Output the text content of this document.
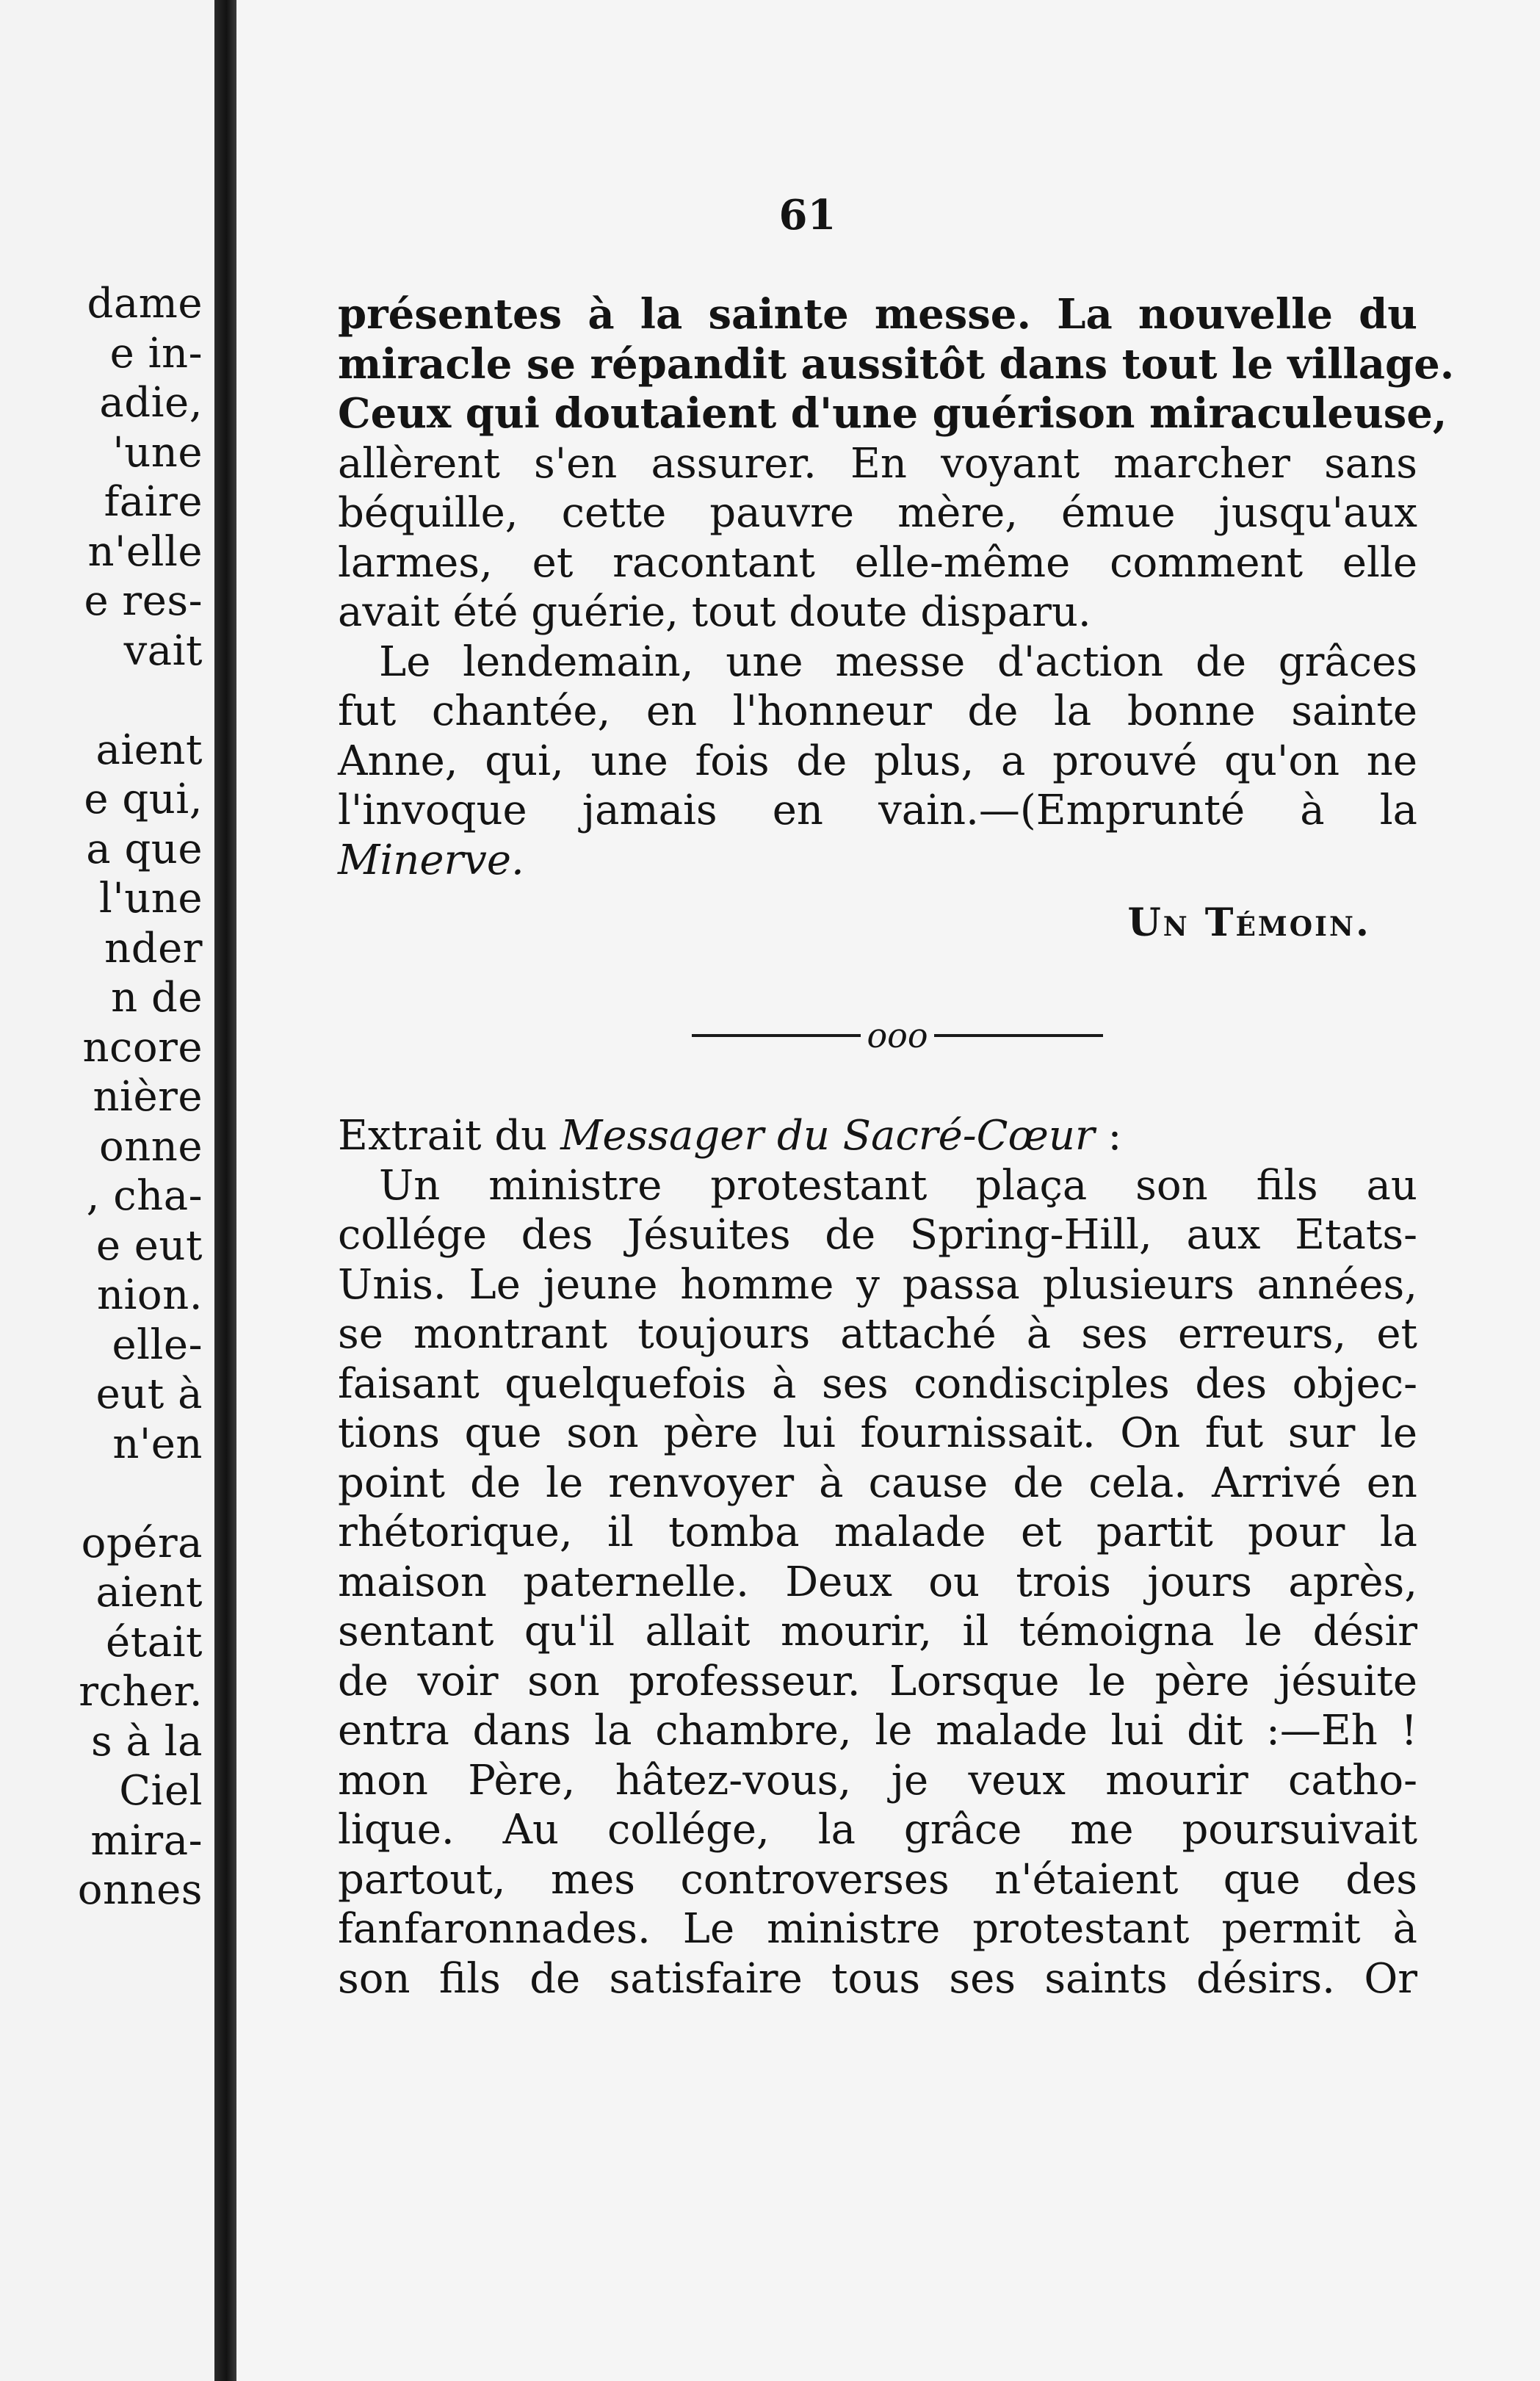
dame
e in-
adie,
'une
faire
n'elle
e res-
vait
aient
e qui,
a que
l'une
nder
n de
ncore
nière
onne
, cha-
e eut
nion.
elle-
eut à
n'en
opéra
aient
était
rcher.
s à la
Ciel
mira-
onnes
61
présentes à la sainte messe. La nouvelle du
miracle se répandit aussitôt dans tout le village.
Ceux qui doutaient d'une guérison miraculeuse,
allèrent s'en assurer. En voyant marcher sans
béquille, cette pauvre mère, émue jusqu'aux
larmes, et racontant elle-même comment elle
avait été guérie, tout doute disparu.
Le lendemain, une messe d'action de grâces
fut chantée, en l'honneur de la bonne sainte
Anne, qui, une fois de plus, a prouvé qu'on ne
l'invoque jamais en vain.—(Emprunté à la
Minerve.
Un Témoin.
ooo
Extrait du Messager du Sacré-Cœur :
Un ministre protestant plaça son fils au
collége des Jésuites de Spring-Hill, aux Etats-
Unis. Le jeune homme y passa plusieurs années,
se montrant toujours attaché à ses erreurs, et
faisant quelquefois à ses condisciples des objec-
tions que son père lui fournissait. On fut sur le
point de le renvoyer à cause de cela. Arrivé en
rhétorique, il tomba malade et partit pour la
maison paternelle. Deux ou trois jours après,
sentant qu'il allait mourir, il témoigna le désir
de voir son professeur. Lorsque le père jésuite
entra dans la chambre, le malade lui dit :—Eh !
mon Père, hâtez-vous, je veux mourir catho-
lique. Au collége, la grâce me poursuivait
partout, mes controverses n'étaient que des
fanfaronnades. Le ministre protestant permit à
son fils de satisfaire tous ses saints désirs. Or
